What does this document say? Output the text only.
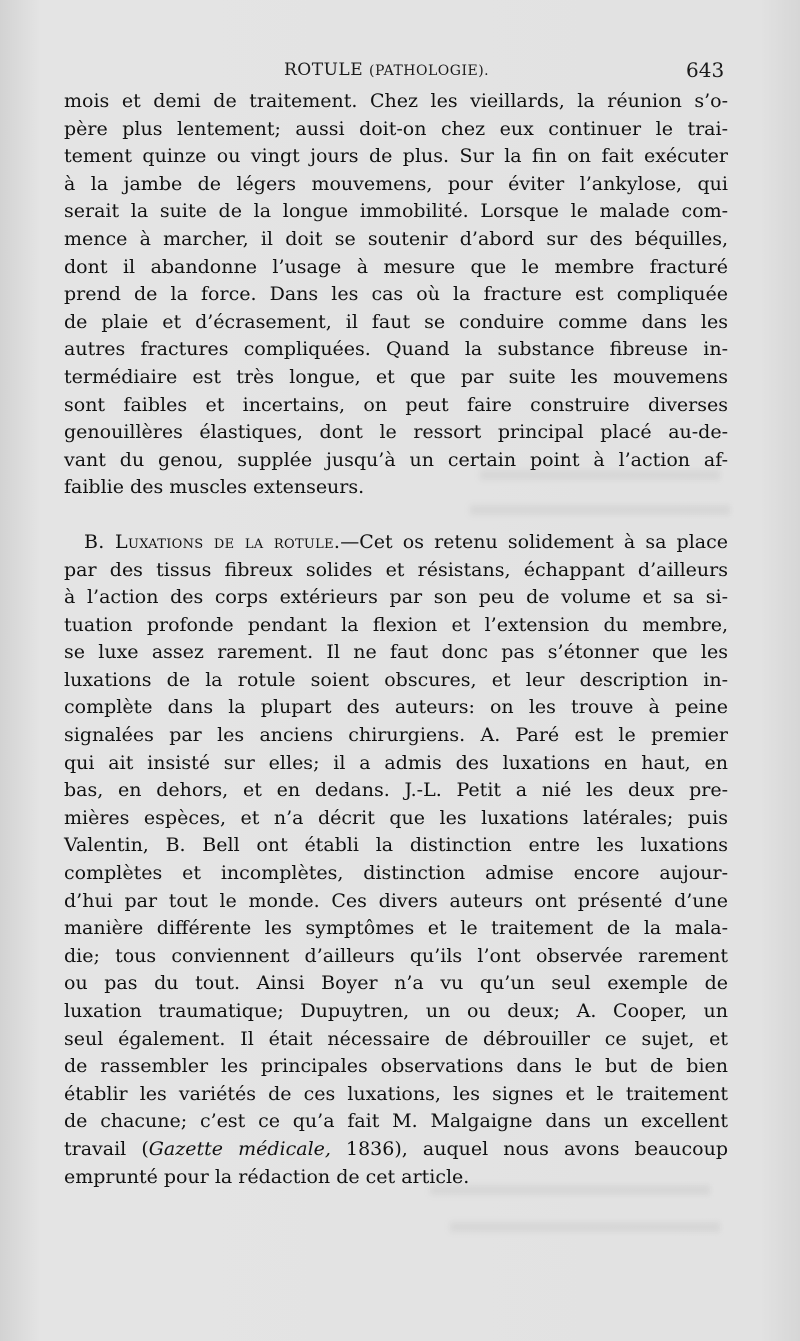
ROTULE (PATHOLOGIE).	643
mois et demi de traitement. Chez les vieillards, la réunion s’o-
père plus lentement; aussi doit-on chez eux continuer le trai-
tement quinze ou vingt jours de plus. Sur la fin on fait exécuter
à la jambe de légers mouvemens, pour éviter l’ankylose, qui
serait la suite de la longue immobilité. Lorsque le malade com-
mence à marcher, il doit se soutenir d’abord sur des béquilles,
dont il abandonne l’usage à mesure que le membre fracturé
prend de la force. Dans les cas où la fracture est compliquée
de plaie et d’écrasement, il faut se conduire comme dans les
autres fractures compliquées. Quand la substance fibreuse in-
termédiaire est très longue, et que par suite les mouvemens
sont faibles et incertains, on peut faire construire diverses
genouillères élastiques, dont le ressort principal placé au-de-
vant du genou, supplée jusqu’à un certain point à l’action af-
faiblie des muscles extenseurs.
B. Luxations de la rotule.—Cet os retenu solidement à sa place
par des tissus fibreux solides et résistans, échappant d’ailleurs
à l’action des corps extérieurs par son peu de volume et sa si-
tuation profonde pendant la flexion et l’extension du membre,
se luxe assez rarement. Il ne faut donc pas s’étonner que les
luxations de la rotule soient obscures, et leur description in-
complète dans la plupart des auteurs: on les trouve à peine
signalées par les anciens chirurgiens. A. Paré est le premier
qui ait insisté sur elles; il a admis des luxations en haut, en
bas, en dehors, et en dedans. J.-L. Petit a nié les deux pre-
mières espèces, et n’a décrit que les luxations latérales; puis
Valentin, B. Bell ont établi la distinction entre les luxations
complètes et incomplètes, distinction admise encore aujour-
d’hui par tout le monde. Ces divers auteurs ont présenté d’une
manière différente les symptômes et le traitement de la mala-
die; tous conviennent d’ailleurs qu’ils l’ont observée rarement
ou pas du tout. Ainsi Boyer n’a vu qu’un seul exemple de
luxation traumatique; Dupuytren, un ou deux; A. Cooper, un
seul également. Il était nécessaire de débrouiller ce sujet, et
de rassembler les principales observations dans le but de bien
établir les variétés de ces luxations, les signes et le traitement
de chacune; c’est ce qu’a fait M. Malgaigne dans un excellent
travail (Gazette médicale, 1836), auquel nous avons beaucoup
emprunté pour la rédaction de cet article.
